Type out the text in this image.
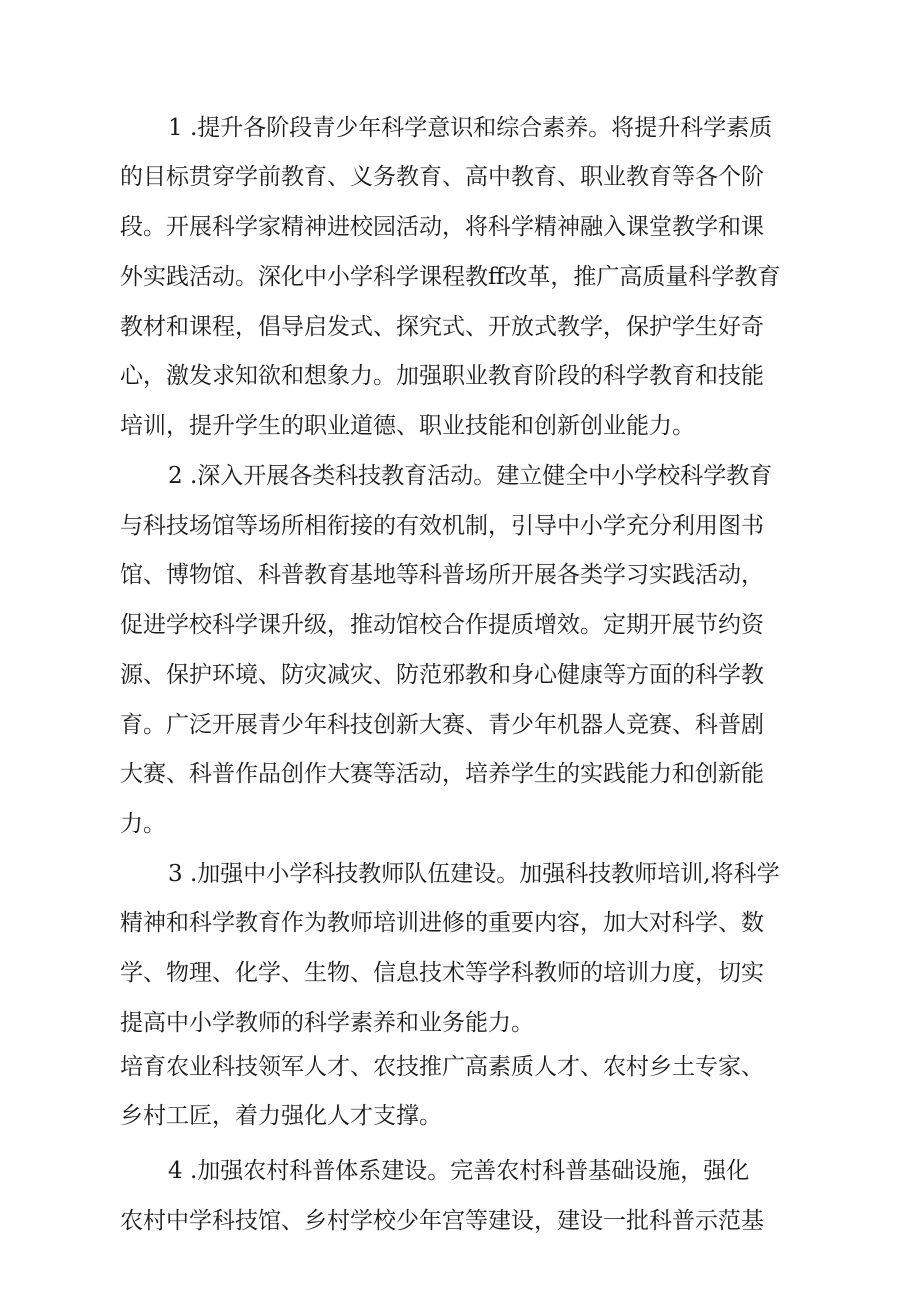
1 .提升各阶段青少年科学意识和综合素养。将提升科学素质
的目标贯穿学前教育、义务教育、高中教育、职业教育等各个阶
段。开展科学家精神进校园活动，将科学精神融入课堂教学和课
外实践活动。深化中小学科学课程教ff改革，推广高质量科学教育
教材和课程，倡导启发式、探究式、开放式教学，保护学生好奇
心，激发求知欲和想象力。加强职业教育阶段的科学教育和技能
培训，提升学生的职业道德、职业技能和创新创业能力。
2 .深入开展各类科技教育活动。建立健全中小学校科学教育
与科技场馆等场所相衔接的有效机制，引导中小学充分利用图书
馆、博物馆、科普教育基地等科普场所开展各类学习实践活动，
促进学校科学课升级，推动馆校合作提质增效。定期开展节约资
源、保护环境、防灾减灾、防范邪教和身心健康等方面的科学教
育。广泛开展青少年科技创新大赛、青少年机器人竞赛、科普剧
大赛、科普作品创作大赛等活动，培养学生的实践能力和创新能
力。
3 .加强中小学科技教师队伍建设。加强科技教师培训,将科学
精神和科学教育作为教师培训进修的重要内容，加大对科学、数
学、物理、化学、生物、信息技术等学科教师的培训力度，切实
提高中小学教师的科学素养和业务能力。
培育农业科技领军人才、农技推广高素质人才、农村乡土专家、
乡村工匠，着力强化人才支撑。
4 .加强农村科普体系建设。完善农村科普基础设施，强化
农村中学科技馆、乡村学校少年宫等建设，建设一批科普示范基
